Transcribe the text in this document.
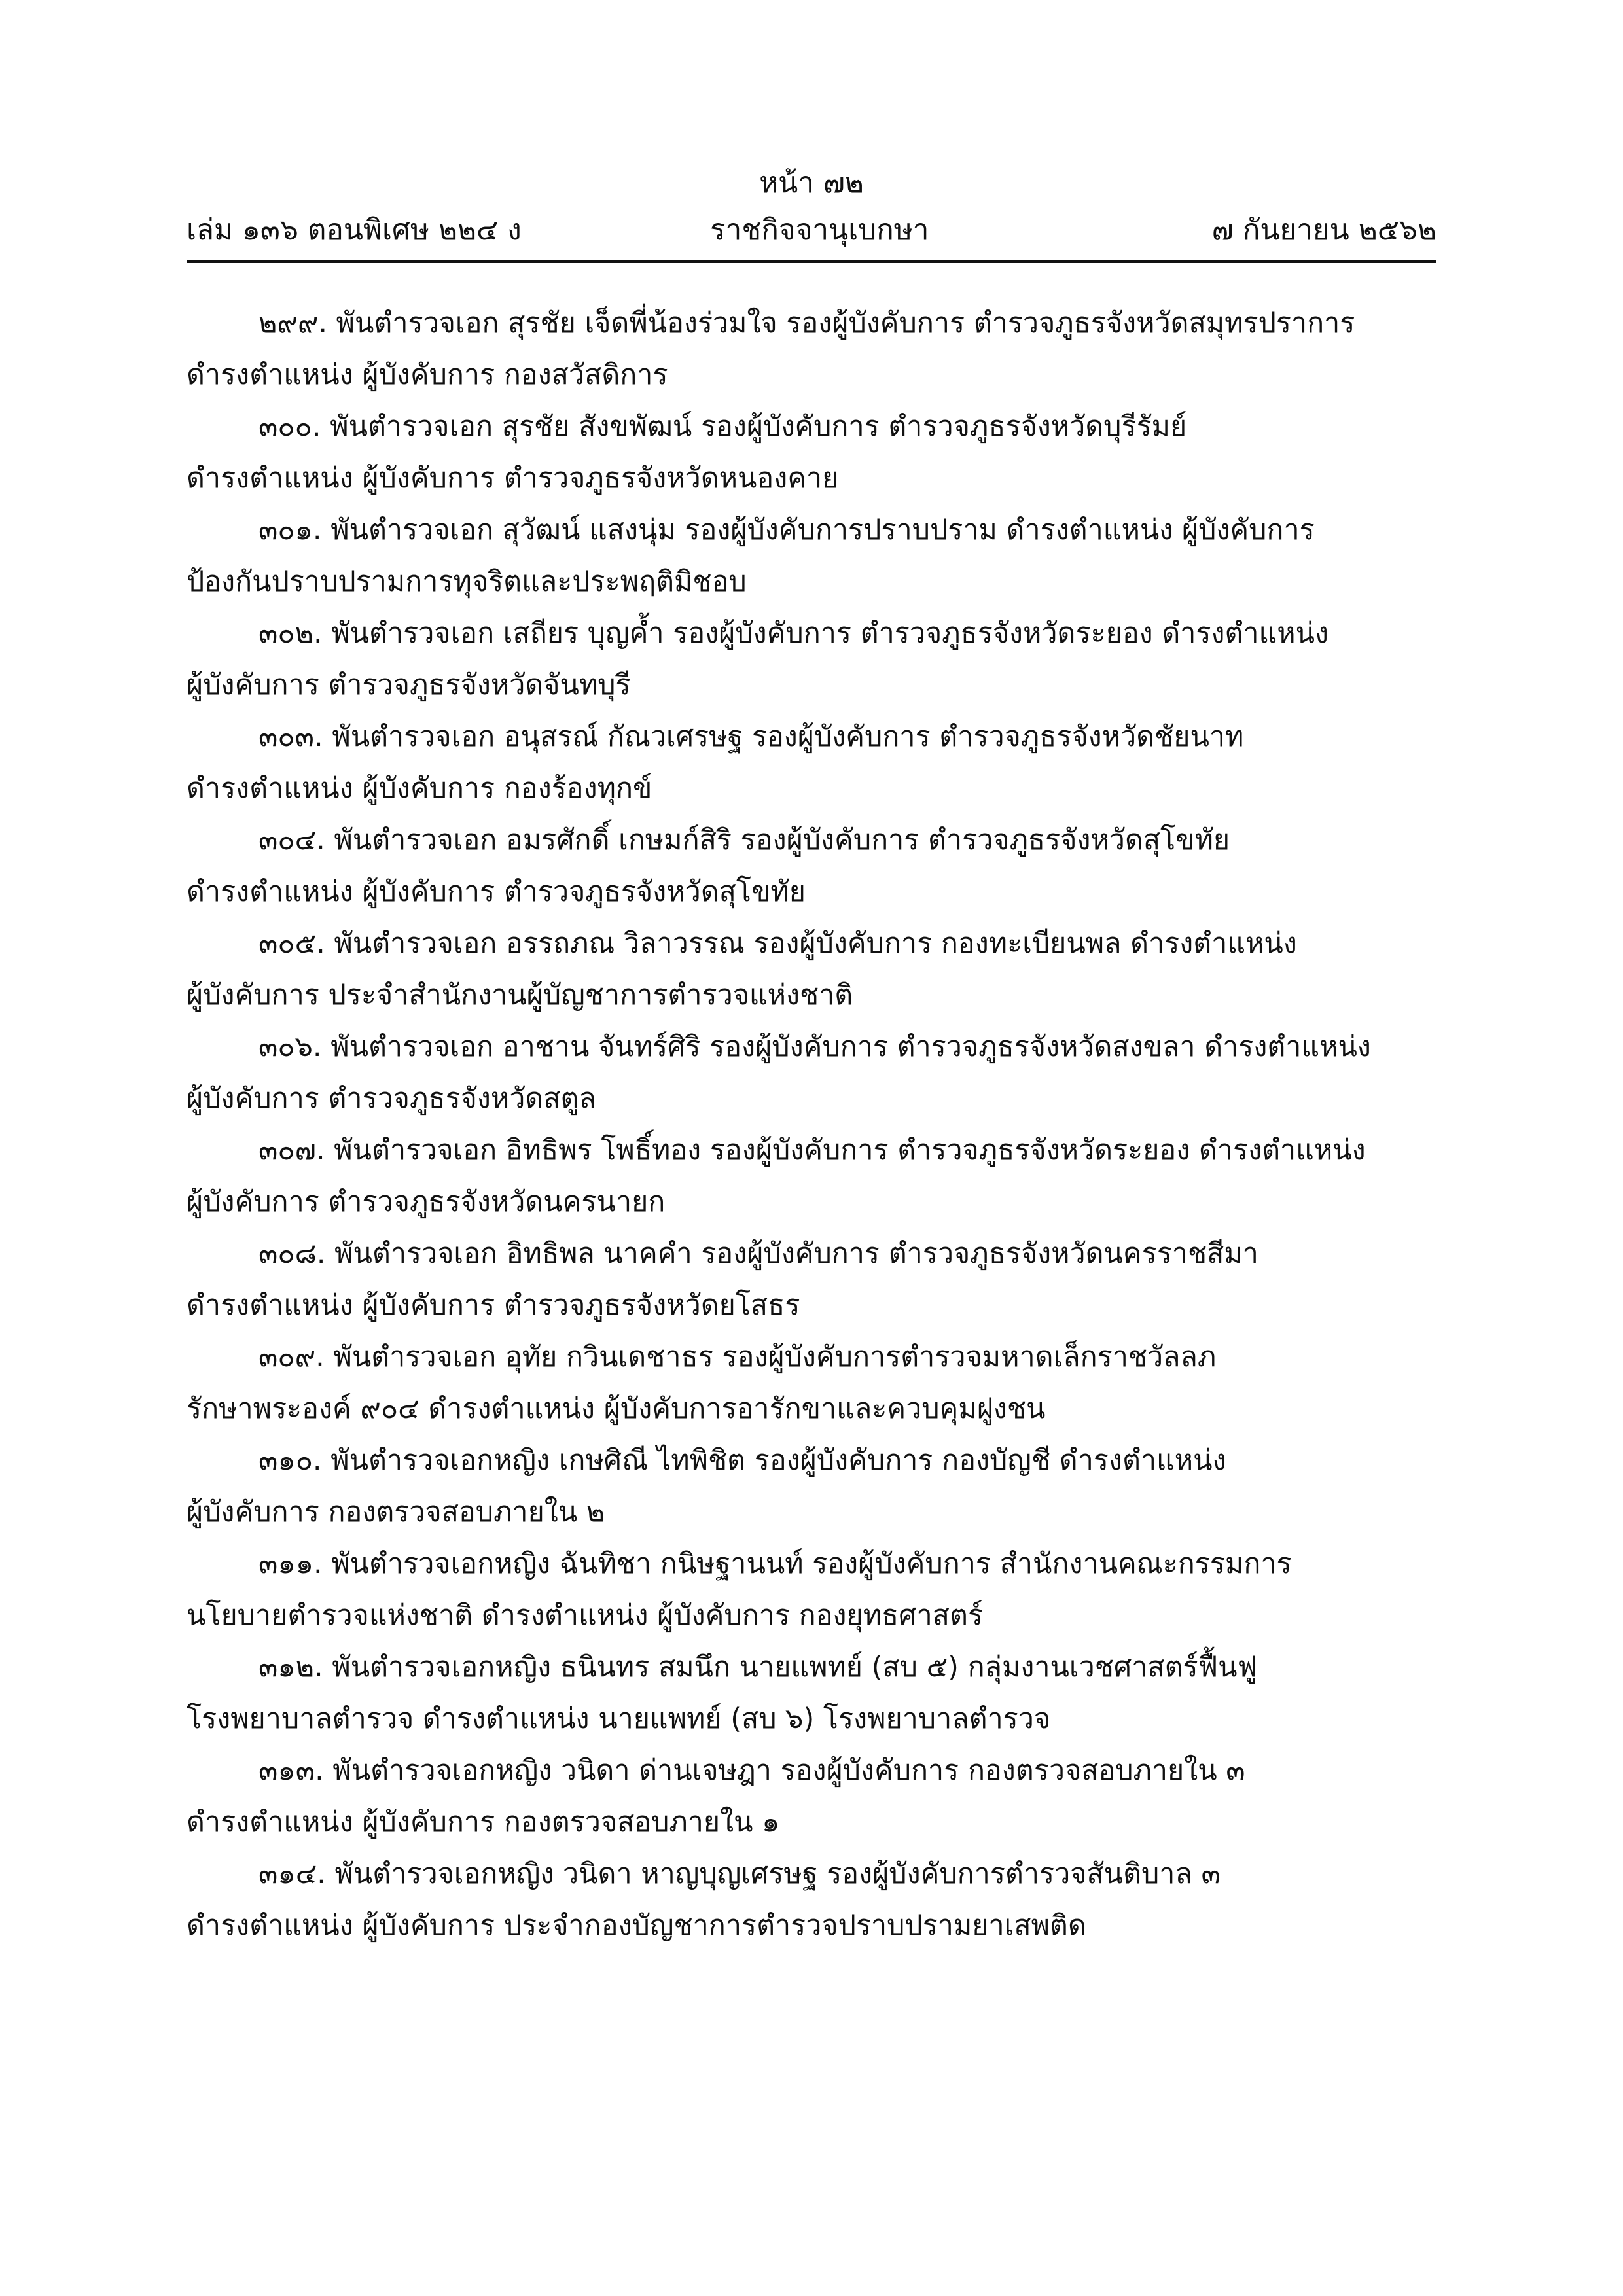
หน้า ๗๒
เล่ม ๑๓๖ ตอนพิเศษ ๒๒๔ ง	ราชกิจจานุเบกษา	๗ กันยายน ๒๕๖๒

๒๙๙. พันตำรวจเอก สุรชัย เจ็ดพี่น้องร่วมใจ รองผู้บังคับการ ตำรวจภูธรจังหวัดสมุทรปราการ
ดำรงตำแหน่ง ผู้บังคับการ กองสวัสดิการ

๓๐๐. พันตำรวจเอก สุรชัย สังขพัฒน์ รองผู้บังคับการ ตำรวจภูธรจังหวัดบุรีรัมย์
ดำรงตำแหน่ง ผู้บังคับการ ตำรวจภูธรจังหวัดหนองคาย

๓๐๑. พันตำรวจเอก สุวัฒน์ แสงนุ่ม รองผู้บังคับการปราบปราม ดำรงตำแหน่ง ผู้บังคับการ
ป้องกันปราบปรามการทุจริตและประพฤติมิชอบ

๓๐๒. พันตำรวจเอก เสถียร บุญค้ำ รองผู้บังคับการ ตำรวจภูธรจังหวัดระยอง ดำรงตำแหน่ง
ผู้บังคับการ ตำรวจภูธรจังหวัดจันทบุรี

๓๐๓. พันตำรวจเอก อนุสรณ์ กัณวเศรษฐ รองผู้บังคับการ ตำรวจภูธรจังหวัดชัยนาท
ดำรงตำแหน่ง ผู้บังคับการ กองร้องทุกข์

๓๐๔. พันตำรวจเอก อมรศักดิ์ เกษมก์สิริ รองผู้บังคับการ ตำรวจภูธรจังหวัดสุโขทัย
ดำรงตำแหน่ง ผู้บังคับการ ตำรวจภูธรจังหวัดสุโขทัย

๓๐๕. พันตำรวจเอก อรรถภณ วิลาวรรณ รองผู้บังคับการ กองทะเบียนพล ดำรงตำแหน่ง
ผู้บังคับการ ประจำสำนักงานผู้บัญชาการตำรวจแห่งชาติ

๓๐๖. พันตำรวจเอก อาชาน จันทร์ศิริ รองผู้บังคับการ ตำรวจภูธรจังหวัดสงขลา ดำรงตำแหน่ง
ผู้บังคับการ ตำรวจภูธรจังหวัดสตูล

๓๐๗. พันตำรวจเอก อิทธิพร โพธิ์ทอง รองผู้บังคับการ ตำรวจภูธรจังหวัดระยอง ดำรงตำแหน่ง
ผู้บังคับการ ตำรวจภูธรจังหวัดนครนายก

๓๐๘. พันตำรวจเอก อิทธิพล นาคคำ รองผู้บังคับการ ตำรวจภูธรจังหวัดนครราชสีมา
ดำรงตำแหน่ง ผู้บังคับการ ตำรวจภูธรจังหวัดยโสธร

๓๐๙. พันตำรวจเอก อุทัย กวินเดชาธร รองผู้บังคับการตำรวจมหาดเล็กราชวัลลภ
รักษาพระองค์ ๙๐๔ ดำรงตำแหน่ง ผู้บังคับการอารักขาและควบคุมฝูงชน

๓๑๐. พันตำรวจเอกหญิง เกษศิณี ไทพิชิต รองผู้บังคับการ กองบัญชี ดำรงตำแหน่ง
ผู้บังคับการ กองตรวจสอบภายใน ๒

๓๑๑. พันตำรวจเอกหญิง ฉันทิชา กนิษฐานนท์ รองผู้บังคับการ สำนักงานคณะกรรมการ
นโยบายตำรวจแห่งชาติ ดำรงตำแหน่ง ผู้บังคับการ กองยุทธศาสตร์

๓๑๒. พันตำรวจเอกหญิง ธนินทร สมนึก นายแพทย์ (สบ ๕) กลุ่มงานเวชศาสตร์ฟื้นฟู
โรงพยาบาลตำรวจ ดำรงตำแหน่ง นายแพทย์ (สบ ๖) โรงพยาบาลตำรวจ

๓๑๓. พันตำรวจเอกหญิง วนิดา ด่านเจษฎา รองผู้บังคับการ กองตรวจสอบภายใน ๓
ดำรงตำแหน่ง ผู้บังคับการ กองตรวจสอบภายใน ๑

๓๑๔. พันตำรวจเอกหญิง วนิดา หาญบุญเศรษฐ รองผู้บังคับการตำรวจสันติบาล ๓
ดำรงตำแหน่ง ผู้บังคับการ ประจำกองบัญชาการตำรวจปราบปรามยาเสพติด
